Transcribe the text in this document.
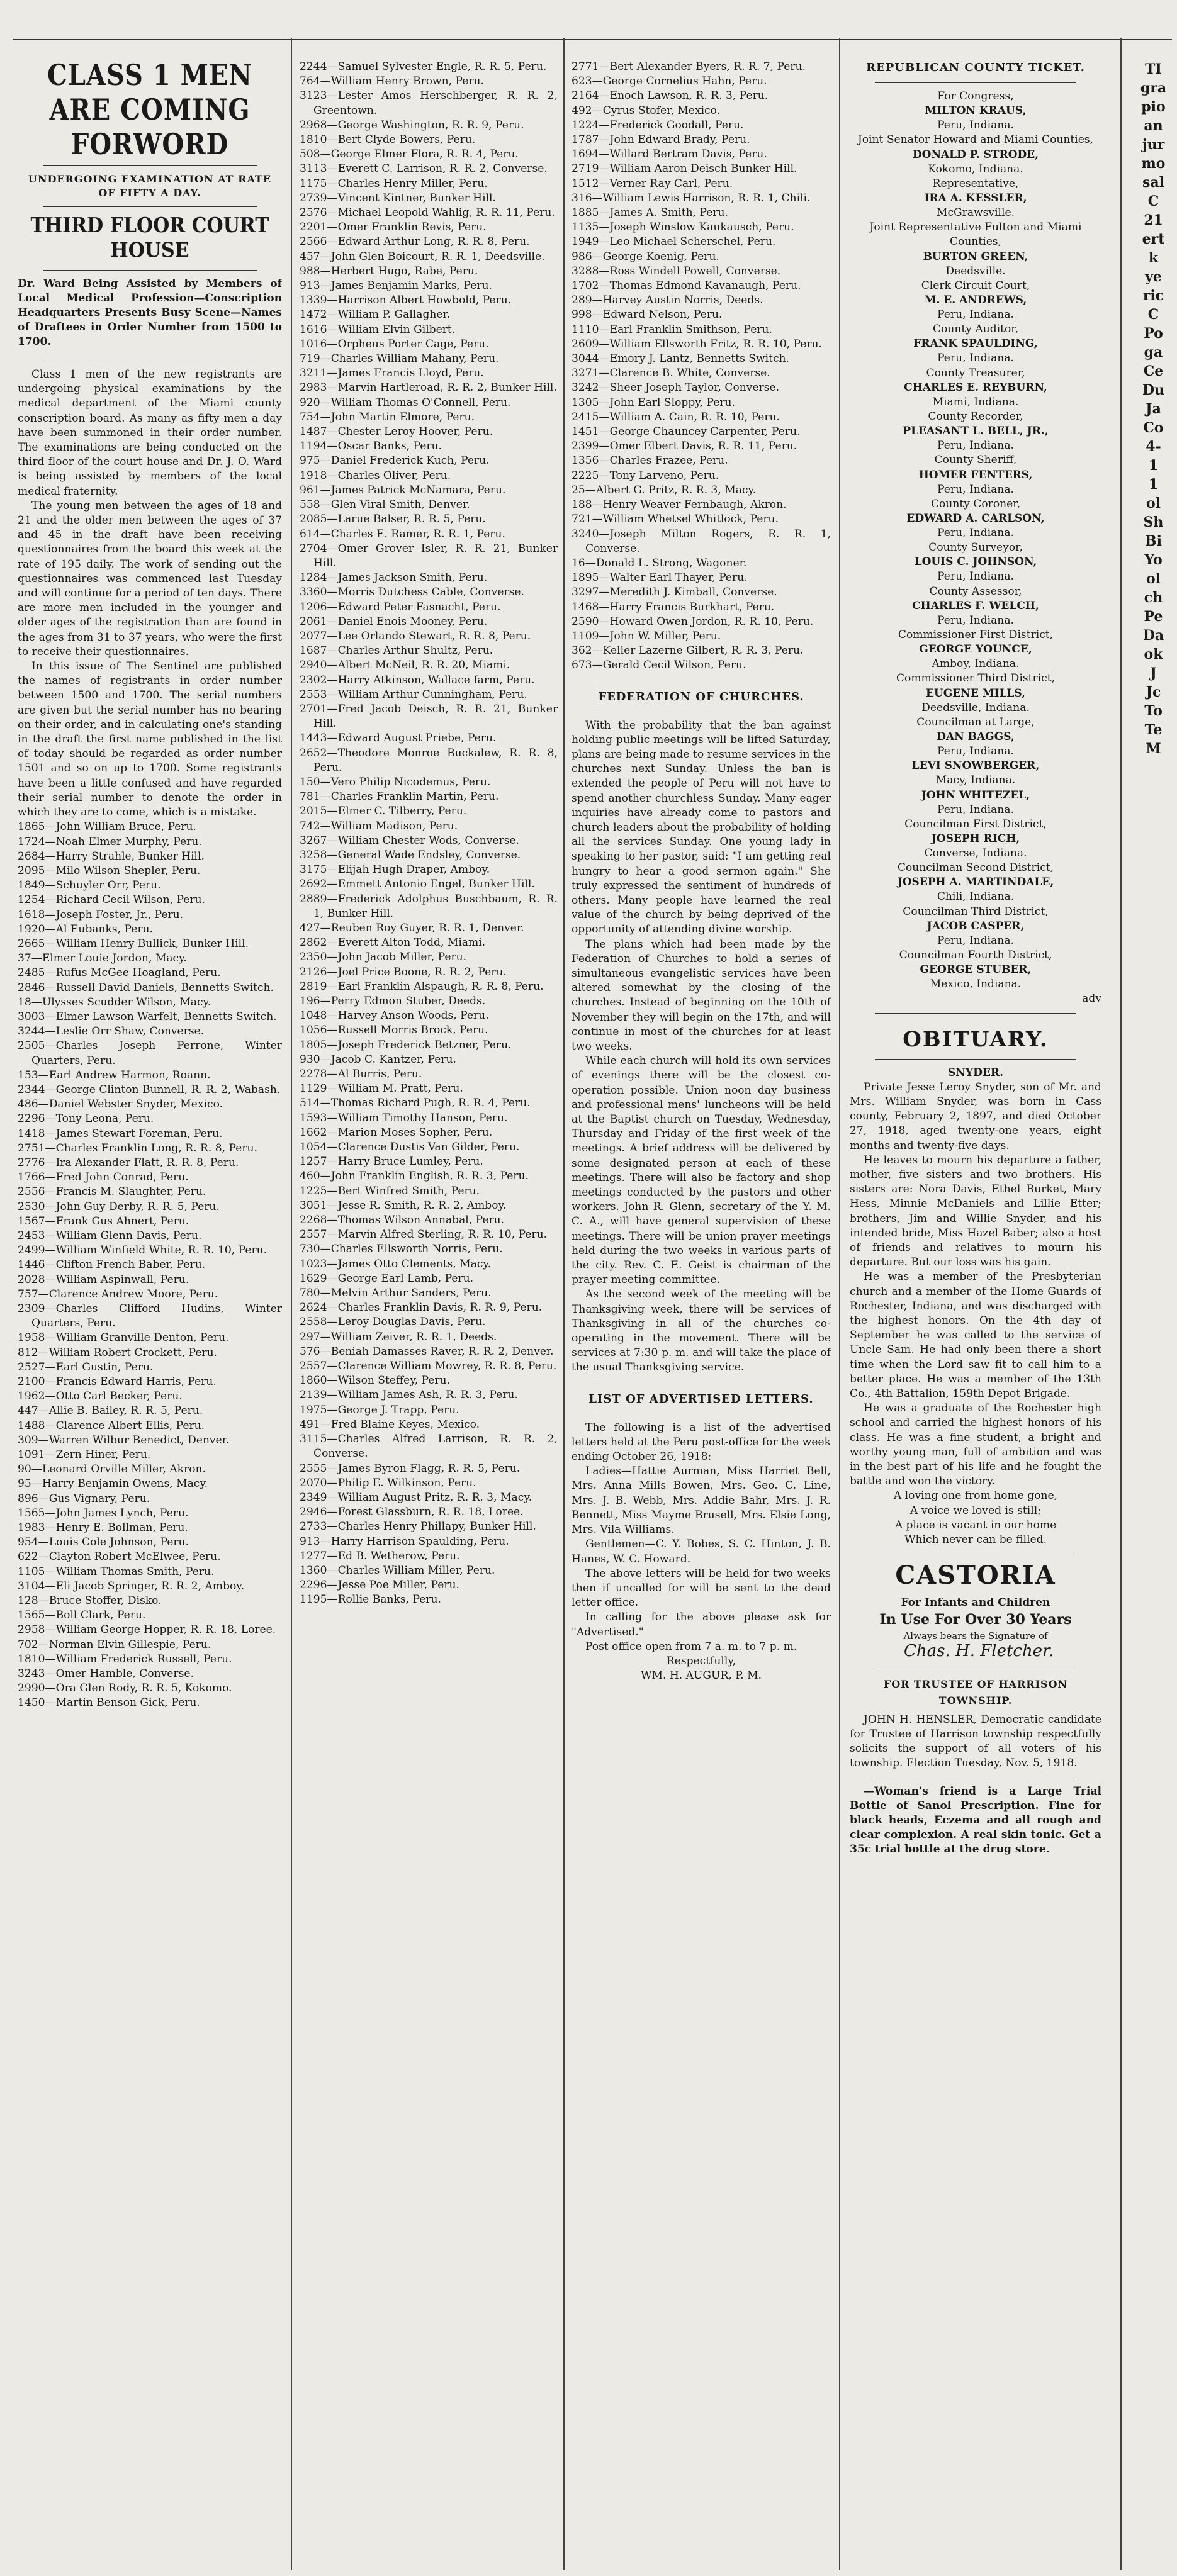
CLASS 1 MEN ARE COMING FORWORD
UNDERGOING EXAMINATION AT RATE OF FIFTY A DAY.
THIRD FLOOR COURT HOUSE
Dr. Ward Being Assisted by Members of Local Medical Profession—Conscription Headquarters Presents Busy Scene—Names of Draftees in Order Number from 1500 to 1700.

Class 1 men of the new registrants are undergoing physical examinations by the medical department of the Miami county conscription board. As many as fifty men a day have been summoned in their order number. The examinations are being conducted on the third floor of the court house and Dr. J. O. Ward is being assisted by members of the local medical fraternity.

The young men between the ages of 18 and 21 and the older men between the ages of 37 and 45 in the draft have been receiving questionnaires from the board this week at the rate of 195 daily. The work of sending out the questionnaires was commenced last Tuesday and will continue for a period of ten days. There are more men included in the younger and older ages of the registration than are found in the ages from 31 to 37 years, who were the first to receive their questionnaires.

In this issue of The Sentinel are published the names of registrants in order number between 1500 and 1700. The serial numbers are given but the serial number has no bearing on their order, and in calculating one's standing in the draft the first name published in the list of today should be regarded as order number 1501 and so on up to 1700. Some registrants have been a little confused and have regarded their serial number to denote the order in which they are to come, which is a mistake.

1865—John William Bruce, Peru.

1724—Noah Elmer Murphy, Peru.

2684—Harry Strahle, Bunker Hill.

2095—Milo Wilson Shepler, Peru.

1849—Schuyler Orr, Peru.

1254—Richard Cecil Wilson, Peru.

1618—Joseph Foster, Jr., Peru.

1920—Al Eubanks, Peru.

2665—William Henry Bullick, Bunker Hill.

37—Elmer Louie Jordon, Macy.

2485—Rufus McGee Hoagland, Peru.

2846—Russell David Daniels, Bennetts Switch.

18—Ulysses Scudder Wilson, Macy.

3003—Elmer Lawson Warfelt, Bennetts Switch.

3244—Leslie Orr Shaw, Converse.

2505—Charles Joseph Perrone, Winter Quarters, Peru.

153—Earl Andrew Harmon, Roann.

2344—George Clinton Bunnell, R. R. 2, Wabash.

486—Daniel Webster Snyder, Mexico.

2296—Tony Leona, Peru.

1418—James Stewart Foreman, Peru.

2751—Charles Franklin Long, R. R. 8, Peru.

2776—Ira Alexander Flatt, R. R. 8, Peru.

1766—Fred John Conrad, Peru.

2556—Francis M. Slaughter, Peru.

2530—John Guy Derby, R. R. 5, Peru.

1567—Frank Gus Ahnert, Peru.

2453—William Glenn Davis, Peru.

2499—William Winfield White, R. R. 10, Peru.

1446—Clifton French Baber, Peru.

2028—William Aspinwall, Peru.

757—Clarence Andrew Moore, Peru.

2309—Charles Clifford Hudins, Winter Quarters, Peru.

1958—William Granville Denton, Peru.

812—William Robert Crockett, Peru.

2527—Earl Gustin, Peru.

2100—Francis Edward Harris, Peru.

1962—Otto Carl Becker, Peru.

447—Allie B. Bailey, R. R. 5, Peru.

1488—Clarence Albert Ellis, Peru.

309—Warren Wilbur Benedict, Denver.

1091—Zern Hiner, Peru.

90—Leonard Orville Miller, Akron.

95—Harry Benjamin Owens, Macy.

896—Gus Vignary, Peru.

1565—John James Lynch, Peru.

1983—Henry E. Bollman, Peru.

954—Louis Cole Johnson, Peru.

622—Clayton Robert McElwee, Peru.

1105—William Thomas Smith, Peru.

3104—Eli Jacob Springer, R. R. 2, Amboy.

128—Bruce Stoffer, Disko.

1565—Boll Clark, Peru.

2958—William George Hopper, R. R. 18, Loree.

702—Norman Elvin Gillespie, Peru.

1810—William Frederick Russell, Peru.

3243—Omer Hamble, Converse.

2990—Ora Glen Rody, R. R. 5, Kokomo.

1450—Martin Benson Gick, Peru.

2244—Samuel Sylvester Engle, R. R. 5, Peru.

764—William Henry Brown, Peru.

3123—Lester Amos Herschberger, R. R. 2, Greentown.

2968—George Washington, R. R. 9, Peru.

1810—Bert Clyde Bowers, Peru.

508—George Elmer Flora, R. R. 4, Peru.

3113—Everett C. Larrison, R. R. 2, Converse.

1175—Charles Henry Miller, Peru.

2739—Vincent Kintner, Bunker Hill.

2576—Michael Leopold Wahlig, R. R. 11, Peru.

2201—Omer Franklin Revis, Peru.

2566—Edward Arthur Long, R. R. 8, Peru.

457—John Glen Boicourt, R. R. 1, Deedsville.

988—Herbert Hugo, Rabe, Peru.

913—James Benjamin Marks, Peru.

1339—Harrison Albert Howbold, Peru.

1472—William P. Gallagher.

1616—William Elvin Gilbert.

1016—Orpheus Porter Cage, Peru.

719—Charles William Mahany, Peru.

3211—James Francis Lloyd, Peru.

2983—Marvin Hartleroad, R. R. 2, Bunker Hill.

920—William Thomas O'Connell, Peru.

754—John Martin Elmore, Peru.

1487—Chester Leroy Hoover, Peru.

1194—Oscar Banks, Peru.

975—Daniel Frederick Kuch, Peru.

1918—Charles Oliver, Peru.

961—James Patrick McNamara, Peru.

558—Glen Viral Smith, Denver.

2085—Larue Balser, R. R. 5, Peru.

614—Charles E. Ramer, R. R. 1, Peru.

2704—Omer Grover Isler, R. R. 21, Bunker Hill.

1284—James Jackson Smith, Peru.

3360—Morris Dutchess Cable, Converse.

1206—Edward Peter Fasnacht, Peru.

2061—Daniel Enois Mooney, Peru.

2077—Lee Orlando Stewart, R. R. 8, Peru.

1687—Charles Arthur Shultz, Peru.

2940—Albert McNeil, R. R. 20, Miami.

2302—Harry Atkinson, Wallace farm, Peru.

2553—William Arthur Cunningham, Peru.

2701—Fred Jacob Deisch, R. R. 21, Bunker Hill.

1443—Edward August Priebe, Peru.

2652—Theodore Monroe Buckalew, R. R. 8, Peru.

150—Vero Philip Nicodemus, Peru.

781—Charles Franklin Martin, Peru.

2015—Elmer C. Tilberry, Peru.

742—William Madison, Peru.

3267—William Chester Wods, Converse.

3258—General Wade Endsley, Converse.

3175—Elijah Hugh Draper, Amboy.

2692—Emmett Antonio Engel, Bunker Hill.

2889—Frederick Adolphus Buschbaum, R. R. 1, Bunker Hill.

427—Reuben Roy Guyer, R. R. 1, Denver.

2862—Everett Alton Todd, Miami.

2350—John Jacob Miller, Peru.

2126—Joel Price Boone, R. R. 2, Peru.

2819—Earl Franklin Alspaugh, R. R. 8, Peru.

196—Perry Edmon Stuber, Deeds.

1048—Harvey Anson Woods, Peru.

1056—Russell Morris Brock, Peru.

1805—Joseph Frederick Betzner, Peru.

930—Jacob C. Kantzer, Peru.

2278—Al Burris, Peru.

1129—William M. Pratt, Peru.

514—Thomas Richard Pugh, R. R. 4, Peru.

1593—William Timothy Hanson, Peru.

1662—Marion Moses Sopher, Peru.

1054—Clarence Dustis Van Gilder, Peru.

1257—Harry Bruce Lumley, Peru.

460—John Franklin English, R. R. 3, Peru.

1225—Bert Winfred Smith, Peru.

3051—Jesse R. Smith, R. R. 2, Amboy.

2268—Thomas Wilson Annabal, Peru.

2557—Marvin Alfred Sterling, R. R. 10, Peru.

730—Charles Ellsworth Norris, Peru.

1023—James Otto Clements, Macy.

1629—George Earl Lamb, Peru.

780—Melvin Arthur Sanders, Peru.

2624—Charles Franklin Davis, R. R. 9, Peru.

2558—Leroy Douglas Davis, Peru.

297—William Zeiver, R. R. 1, Deeds.

576—Beniah Damasses Raver, R. R. 2, Denver.

2557—Clarence William Mowrey, R. R. 8, Peru.

1860—Wilson Steffey, Peru.

2139—William James Ash, R. R. 3, Peru.

1975—George J. Trapp, Peru.

491—Fred Blaine Keyes, Mexico.

3115—Charles Alfred Larrison, R. R. 2, Converse.

2555—James Byron Flagg, R. R. 5, Peru.

2070—Philip E. Wilkinson, Peru.

2349—William August Pritz, R. R. 3, Macy.

2946—Forest Glassburn, R. R. 18, Loree.

2733—Charles Henry Phillapy, Bunker Hill.

913—Harry Harrison Spaulding, Peru.

1277—Ed B. Wetherow, Peru.

1360—Charles William Miller, Peru.

2296—Jesse Poe Miller, Peru.

1195—Rollie Banks, Peru.

2771—Bert Alexander Byers, R. R. 7, Peru.

623—George Cornelius Hahn, Peru.

2164—Enoch Lawson, R. R. 3, Peru.

492—Cyrus Stofer, Mexico.

1224—Frederick Goodall, Peru.

1787—John Edward Brady, Peru.

1694—Willard Bertram Davis, Peru.

2719—William Aaron Deisch Bunker Hill.

1512—Verner Ray Carl, Peru.

316—William Lewis Harrison, R. R. 1, Chili.

1885—James A. Smith, Peru.

1135—Joseph Winslow Kaukausch, Peru.

1949—Leo Michael Scherschel, Peru.

986—George Koenig, Peru.

3288—Ross Windell Powell, Converse.

1702—Thomas Edmond Kavanaugh, Peru.

289—Harvey Austin Norris, Deeds.

998—Edward Nelson, Peru.

1110—Earl Franklin Smithson, Peru.

2609—William Ellsworth Fritz, R. R. 10, Peru.

3044—Emory J. Lantz, Bennetts Switch.

3271—Clarence B. White, Converse.

3242—Sheer Joseph Taylor, Converse.

1305—John Earl Sloppy, Peru.

2415—William A. Cain, R. R. 10, Peru.

1451—George Chauncey Carpenter, Peru.

2399—Omer Elbert Davis, R. R. 11, Peru.

1356—Charles Frazee, Peru.

2225—Tony Larveno, Peru.

25—Albert G. Pritz, R. R. 3, Macy.

188—Henry Weaver Fernbaugh, Akron.

721—William Whetsel Whitlock, Peru.

3240—Joseph Milton Rogers, R. R. 1, Converse.

16—Donald L. Strong, Wagoner.

1895—Walter Earl Thayer, Peru.

3297—Meredith J. Kimball, Converse.

1468—Harry Francis Burkhart, Peru.

2590—Howard Owen Jordon, R. R. 10, Peru.

1109—John W. Miller, Peru.

362—Keller Lazerne Gilbert, R. R. 3, Peru.

673—Gerald Cecil Wilson, Peru.

FEDERATION OF CHURCHES.

With the probability that the ban against holding public meetings will be lifted Saturday, plans are being made to resume services in the churches next Sunday. Unless the ban is extended the people of Peru will not have to spend another churchless Sunday. Many eager inquiries have already come to pastors and church leaders about the probability of holding all the services Sunday. One young lady in speaking to her pastor, said: "I am getting real hungry to hear a good sermon again." She truly expressed the sentiment of hundreds of others. Many people have learned the real value of the church by being deprived of the opportunity of attending divine worship.

The plans which had been made by the Federation of Churches to hold a series of simultaneous evangelistic services have been altered somewhat by the closing of the churches. Instead of beginning on the 10th of November they will begin on the 17th, and will continue in most of the churches for at least two weeks.

While each church will hold its own services of evenings there will be the closest co-operation possible. Union noon day business and professional mens' luncheons will be held at the Baptist church on Tuesday, Wednesday, Thursday and Friday of the first week of the meetings. A brief address will be delivered by some designated person at each of these meetings. There will also be factory and shop meetings conducted by the pastors and other workers. John R. Glenn, secretary of the Y. M. C. A., will have general supervision of these meetings. There will be union prayer meetings held during the two weeks in various parts of the city. Rev. C. E. Geist is chairman of the prayer meeting committee.

As the second week of the meeting will be Thanksgiving week, there will be services of Thanksgiving in all of the churches co-operating in the movement. There will be services at 7:30 p. m. and will take the place of the usual Thanksgiving service.

LIST OF ADVERTISED LETTERS.

The following is a list of the advertised letters held at the Peru post-office for the week ending October 26, 1918:

Ladies—Hattie Aurman, Miss Harriet Bell, Mrs. Anna Mills Bowen, Mrs. Geo. C. Line, Mrs. J. B. Webb, Mrs. Addie Bahr, Mrs. J. R. Bennett, Miss Mayme Brusell, Mrs. Elsie Long, Mrs. Vila Williams.

Gentlemen—C. Y. Bobes, S. C. Hinton, J. B. Hanes, W. C. Howard.

The above letters will be held for two weeks then if uncalled for will be sent to the dead letter office.

In calling for the above please ask for "Advertised."

Post office open from 7 a. m. to 7 p. m.

Respectfully,

WM. H. AUGUR, P. M.

REPUBLICAN COUNTY TICKET.

For Congress,

MILTON KRAUS,

Peru, Indiana.

Joint Senator Howard and Miami Counties,

DONALD P. STRODE,

Kokomo, Indiana.

Representative,

IRA A. KESSLER,

McGrawsville.

Joint Representative Fulton and Miami Counties,

BURTON GREEN,

Deedsville.

Clerk Circuit Court,

M. E. ANDREWS,

Peru, Indiana.

County Auditor,

FRANK SPAULDING,

Peru, Indiana.

County Treasurer,

CHARLES E. REYBURN,

Miami, Indiana.

County Recorder,

PLEASANT L. BELL, JR.,

Peru, Indiana.

County Sheriff,

HOMER FENTERS,

Peru, Indiana.

County Coroner,

EDWARD A. CARLSON,

Peru, Indiana.

County Surveyor,

LOUIS C. JOHNSON,

Peru, Indiana.

County Assessor,

CHARLES F. WELCH,

Peru, Indiana.

Commissioner First District,

GEORGE YOUNCE,

Amboy, Indiana.

Commissioner Third District,

EUGENE MILLS,

Deedsville, Indiana.

Councilman at Large,

DAN BAGGS,

Peru, Indiana.

LEVI SNOWBERGER,

Macy, Indiana.

JOHN WHITEZEL,

Peru, Indiana.

Councilman First District,

JOSEPH RICH,

Converse, Indiana.

Councilman Second District,

JOSEPH A. MARTINDALE,

Chili, Indiana.

Councilman Third District,

JACOB CASPER,

Peru, Indiana.

Councilman Fourth District,

GEORGE STUBER,

Mexico, Indiana.

adv

OBITUARY.

SNYDER.

Private Jesse Leroy Snyder, son of Mr. and Mrs. William Snyder, was born in Cass county, February 2, 1897, and died October 27, 1918, aged twenty-one years, eight months and twenty-five days.

He leaves to mourn his departure a father, mother, five sisters and two brothers. His sisters are: Nora Davis, Ethel Burket, Mary Hess, Minnie McDaniels and Lillie Etter; brothers, Jim and Willie Snyder, and his intended bride, Miss Hazel Baber; also a host of friends and relatives to mourn his departure. But our loss was his gain.

He was a member of the Presbyterian church and a member of the Home Guards of Rochester, Indiana, and was discharged with the highest honors. On the 4th day of September he was called to the service of Uncle Sam. He had only been there a short time when the Lord saw fit to call him to a better place. He was a member of the 13th Co., 4th Battalion, 159th Depot Brigade.

He was a graduate of the Rochester high school and carried the highest honors of his class. He was a fine student, a bright and worthy young man, full of ambition and was in the best part of his life and he fought the battle and won the victory.

A loving one from home gone,

A voice we loved is still;

A place is vacant in our home

Which never can be filled.

CASTORIA

For Infants and Children

In Use For Over 30 Years

Always bears the Signature ofChas. H. Fletcher.

FOR TRUSTEE OF HARRISON TOWNSHIP.

JOHN H. HENSLER, Democratic candidate for Trustee of Harrison township respectfully solicits the support of all voters of his township. Election Tuesday, Nov. 5, 1918.

—Woman's friend is a Large Trial Bottle of Sanol Prescription. Fine for black heads, Eczema and all rough and clear complexion. A real skin tonic. Get a 35c trial bottle at the drug store.

TI

gra

pio

an

jur

mo

sal

C

21

ert

k

ye

ric

C

Po

ga

Ce

Du

Ja

Co

4-

1

1

ol

Sh

Bi

Yo

ol

ch

Pe

Da

ok

J

Jc

To

Te

M
